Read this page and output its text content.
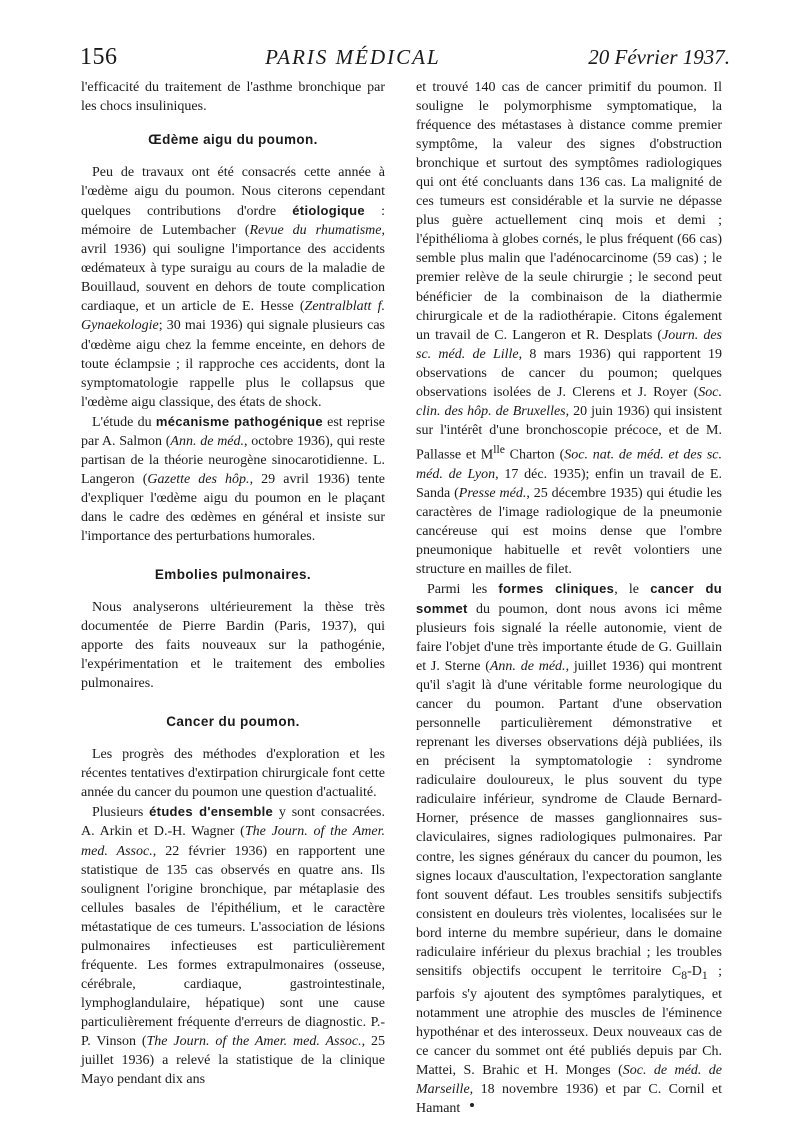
156	PARIS MÉDICAL	20 Février 1937.

l'efficacité du traitement de l'asthme bronchique par les chocs insuliniques.

Œdème aigu du poumon.

Peu de travaux ont été consacrés cette année à l'œdème aigu du poumon. Nous citerons cependant quelques contributions d'ordre étiologique : mémoire de Lutembacher (Revue du rhumatisme, avril 1936) qui souligne l'importance des accidents œdémateux à type suraigu au cours de la maladie de Bouillaud, souvent en dehors de toute complication cardiaque, et un article de E. Hesse (Zentralblatt f. Gynaekologie; 30 mai 1936) qui signale plusieurs cas d'œdème aigu chez la femme enceinte, en dehors de toute éclampsie ; il rapproche ces accidents, dont la symptomatologie rappelle plus le collapsus que l'œdème aigu classique, des états de shock.

L'étude du mécanisme pathogénique est reprise par A. Salmon (Ann. de méd., octobre 1936), qui reste partisan de la théorie neurogène sinocarotidienne. L. Langeron (Gazette des hôp., 29 avril 1936) tente d'expliquer l'œdème aigu du poumon en le plaçant dans le cadre des œdèmes en général et insiste sur l'importance des perturbations humorales.

Embolies pulmonaires.

Nous analyserons ultérieurement la thèse très documentée de Pierre Bardin (Paris, 1937), qui apporte des faits nouveaux sur la pathogénie, l'expérimentation et le traitement des embolies pulmonaires.

Cancer du poumon.

Les progrès des méthodes d'exploration et les récentes tentatives d'extirpation chirurgicale font cette année du cancer du poumon une question d'actualité.

Plusieurs études d'ensemble y sont consacrées. A. Arkin et D.-H. Wagner (The Journ. of the Amer. med. Assoc., 22 février 1936) en rapportent une statistique de 135 cas observés en quatre ans. Ils soulignent l'origine bronchique, par métaplasie des cellules basales de l'épithélium, et le caractère métastatique de ces tumeurs. L'association de lésions pulmonaires infectieuses est particulièrement fréquente. Les formes extrapulmonaires (osseuse, cérébrale, cardiaque, gastrointestinale, lymphoglandulaire, hépatique) sont une cause particulièrement fréquente d'erreurs de diagnostic. P.-P. Vinson (The Journ. of the Amer. med. Assoc., 25 juillet 1936) a relevé la statistique de la clinique Mayo pendant dix ans

et trouvé 140 cas de cancer primitif du poumon. Il souligne le polymorphisme symptomatique, la fréquence des métastases à distance comme premier symptôme, la valeur des signes d'obstruction bronchique et surtout des symptômes radiologiques qui ont été concluants dans 136 cas. La malignité de ces tumeurs est considérable et la survie ne dépasse plus guère actuellement cinq mois et demi ; l'épithélioma à globes cornés, le plus fréquent (66 cas) semble plus malin que l'adénocarcinome (59 cas) ; le premier relève de la seule chirurgie ; le second peut bénéficier de la combinaison de la diathermie chirurgicale et de la radiothérapie. Citons également un travail de C. Langeron et R. Desplats (Journ. des sc. méd. de Lille, 8 mars 1936) qui rapportent 19 observations de cancer du poumon; quelques observations isolées de J. Clerens et J. Royer (Soc. clin. des hôp. de Bruxelles, 20 juin 1936) qui insistent sur l'intérêt d'une bronchoscopie précoce, et de M. Pallasse et $M^{lle}$ Charton (Soc. nat. de méd. et des sc. méd. de Lyon, 17 déc. 1935); enfin un travail de E. Sanda (Presse méd., 25 décembre 1935) qui étudie les caractères de l'image radiologique de la pneumonie cancéreuse qui est moins dense que l'ombre pneumonique habituelle et revêt volontiers une structure en mailles de filet.

Parmi les formes cliniques, le cancer du sommet du poumon, dont nous avons ici même plusieurs fois signalé la réelle autonomie, vient de faire l'objet d'une très importante étude de G. Guillain et J. Sterne (Ann. de méd., juillet 1936) qui montrent qu'il s'agit là d'une véritable forme neurologique du cancer du poumon. Partant d'une observation personnelle particulièrement démonstrative et reprenant les diverses observations déjà publiées, ils en précisent la symptomatologie : syndrome radiculaire douloureux, le plus souvent du type radiculaire inférieur, syndrome de Claude Bernard-Horner, présence de masses ganglionnaires sus-claviculaires, signes radiologiques pulmonaires. Par contre, les signes généraux du cancer du poumon, les signes locaux d'auscultation, l'expectoration sanglante font souvent défaut. Les troubles sensitifs subjectifs consistent en douleurs très violentes, localisées sur le bord interne du membre supérieur, dans le domaine radiculaire inférieur du plexus brachial ; les troubles sensitifs objectifs occupent le territoire $C_8-D_1$ ; parfois s'y ajoutent des symptômes paralytiques, et notamment une atrophie des muscles de l'éminence hypothénar et des interosseux. Deux nouveaux cas de ce cancer du sommet ont été publiés depuis par Ch. Mattei, S. Brahic et H. Monges (Soc. de méd. de Marseille, 18 novembre 1936) et par C. Cornil et Hamant
